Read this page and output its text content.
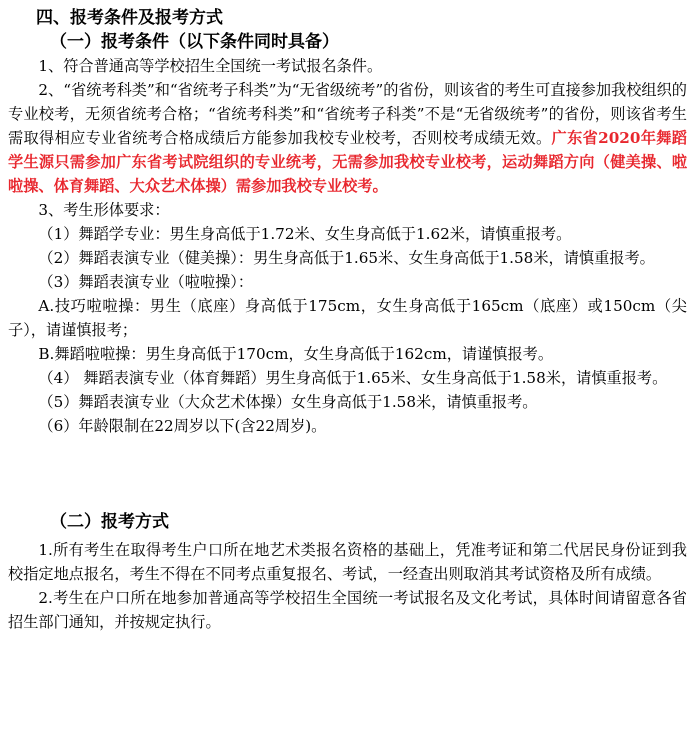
四、报考条件及报考方式
（一）报考条件（以下条件同时具备）

1、符合普通高等学校招生全国统一考试报名条件。

2、“省统考科类”和“省统考子科类”为“无省级统考”的省份，则该省的考生可直接参加我校组织的专业校考，无须省统考合格；“省统考科类”和“省统考子科类”不是“无省级统考”的省份，则该省考生需取得相应专业省统考合格成绩后方能参加我校专业校考，否则校考成绩无效。广东省2020年舞蹈学生源只需参加广东省考试院组织的专业统考，无需参加我校专业校考，运动舞蹈方向（健美操、啦啦操、体育舞蹈、大众艺术体操）需参加我校专业校考。

3、考生形体要求：

（1）舞蹈学专业：男生身高低于1.72米、女生身高低于1.62米，请慎重报考。

（2）舞蹈表演专业（健美操）：男生身高低于1.65米、女生身高低于1.58米，请慎重报考。

（3）舞蹈表演专业（啦啦操）：

A.技巧啦啦操：男生（底座）身高低于175cm，女生身高低于165cm（底座）或150cm（尖子），请谨慎报考；

B.舞蹈啦啦操：男生身高低于170cm，女生身高低于162cm，请谨慎报考。

（4） 舞蹈表演专业（体育舞蹈）男生身高低于1.65米、女生身高低于1.58米，请慎重报考。

（5）舞蹈表演专业（大众艺术体操）女生身高低于1.58米，请慎重报考。

（6）年龄限制在22周岁以下(含22周岁)。

（二）报考方式

1.所有考生在取得考生户口所在地艺术类报名资格的基础上，凭准考证和第二代居民身份证到我校指定地点报名，考生不得在不同考点重复报名、考试，一经查出则取消其考试资格及所有成绩。

2.考生在户口所在地参加普通高等学校招生全国统一考试报名及文化考试，具体时间请留意各省招生部门通知，并按规定执行。
